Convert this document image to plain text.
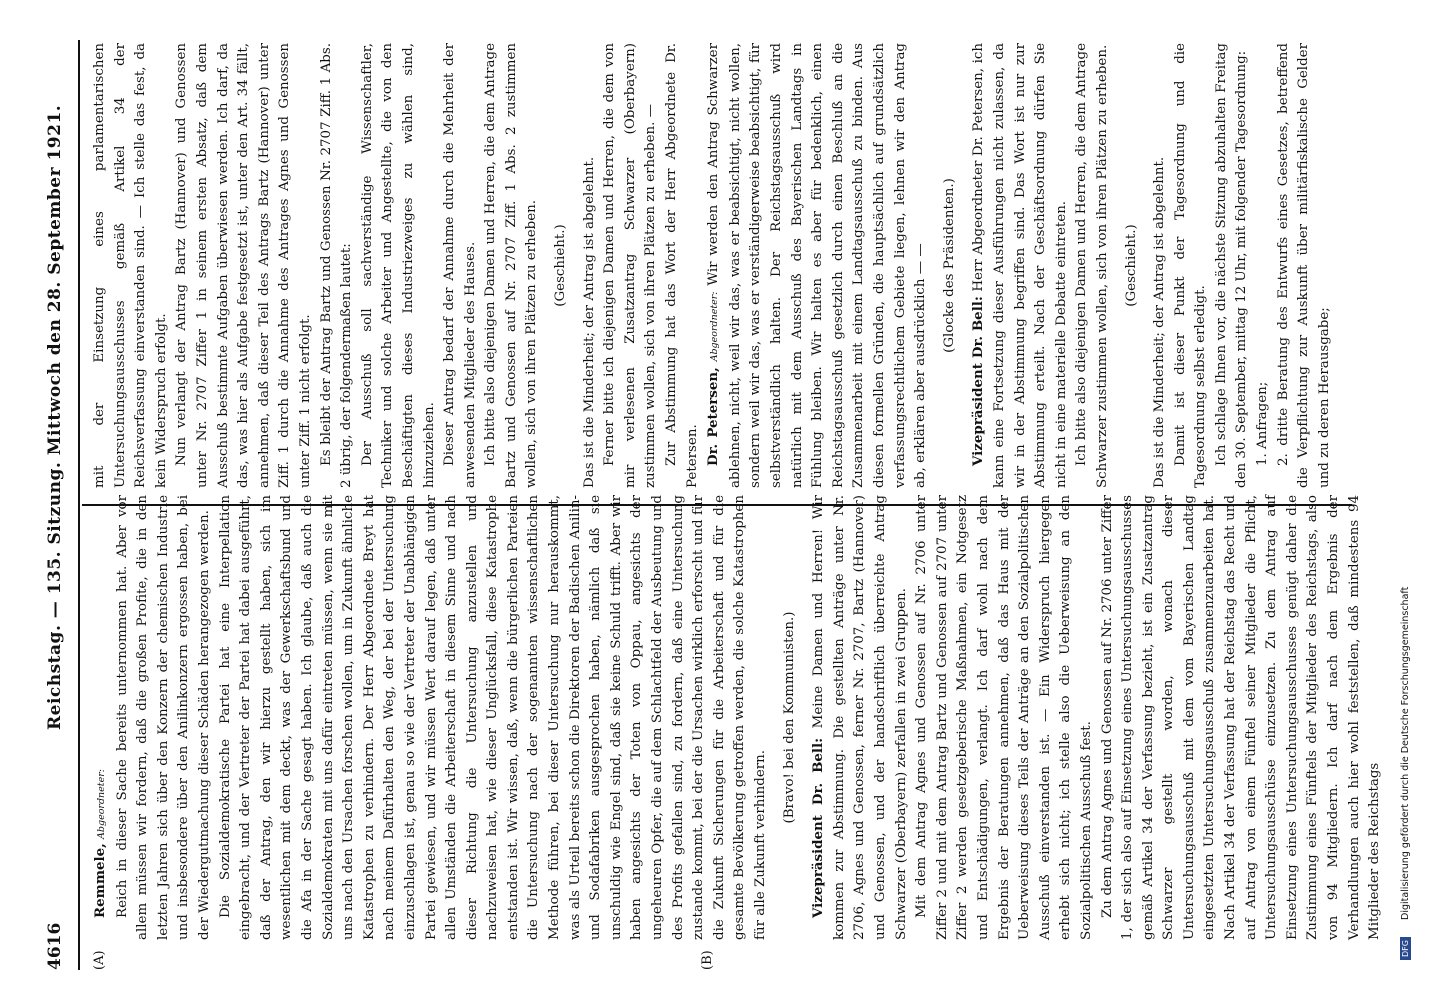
4616
Reichstag. — 135. Sitzung. Mittwoch den 28. September 1921.
(A)	(B)

Remmele, Abgeordneter: Reich in dieser Sache bereits unternommen hat. Aber vor allem müssen wir fordern, daß die großen Profite, die in den letzten Jahren sich über den Konzern der chemischen Industrie und insbesondere über den Anilinkonzern ergossen haben, bei der Wiedergutmachung dieser Schäden herangezogen werden. Die Sozialdemokratische Partei hat eine Interpellation eingebracht, und der Vertreter der Partei hat dabei ausgeführt, daß der Antrag, den wir hierzu gestellt haben, sich im wesentlichen mit dem deckt, was der Gewerkschaftsbund und die Afa in der Sache gesagt haben. Ich glaube, daß auch die Sozialdemokraten mit uns dafür eintreten müssen, wenn sie mit uns nach den Ursachen forschen wollen, um in Zukunft ähnliche Katastrophen zu verhindern. Der Herr Abgeordnete Breyt hat nach meinem Dafürhalten den Weg, der bei der Untersuchung einzuschlagen ist, genau so wie der Vertreter der Unabhängigen Partei gewiesen, und wir müssen Wert darauf legen, daß unter allen Umständen die Arbeiterschaft in diesem Sinne und nach dieser Richtung die Untersuchung anzustellen und nachzuweisen hat, wie dieser Unglücksfall, diese Katastrophe entstanden ist. Wir wissen, daß, wenn die bürgerlichen Parteien die Untersuchung nach der sogenannten wissenschaftlichen Methode führen, bei dieser Untersuchung nur herauskommt, was als Urteil bereits schon die Direktoren der Badischen Anilin- und Sodafabriken ausgesprochen haben, nämlich daß sie unschuldig wie Engel sind, daß sie keine Schuld trifft. Aber wir haben angesichts der Toten von Oppau, angesichts der ungeheuren Opfer, die auf dem Schlachtfeld der Ausbeutung und des Profits gefallen sind, zu fordern, daß eine Untersuchung zustande kommt, bei der die Ursachen wirklich erforscht und für die Zukunft Sicherungen für die Arbeiterschaft und für die gesamte Bevölkerung getroffen werden, die solche Katastrophen für alle Zukunft verhindern.

(Bravo! bei den Kommunisten.)

Vizepräsident Dr. Bell: Meine Damen und Herren! Wir kommen zur Abstimmung. Die gestellten Anträge unter Nr. 2706, Agnes und Genossen, ferner Nr. 2707, Bartz (Hannover) und Genossen, und der handschriftlich überreichte Antrag Schwarzer (Oberbayern) zerfallen in zwei Gruppen. Mit dem Antrag Agnes und Genossen auf Nr. 2706 unter Ziffer 2 und mit dem Antrag Bartz und Genossen auf 2707 unter Ziffer 2 werden gesetzgeberische Maßnahmen, ein Notgesetz und Entschädigungen, verlangt. Ich darf wohl nach dem Ergebnis der Beratungen annehmen, daß das Haus mit der Ueberweisung dieses Teils der Anträge an den Sozialpolitischen Ausschuß einverstanden ist. — Ein Widerspruch hiergegen erhebt sich nicht; ich stelle also die Ueberweisung an den Sozialpolitischen Ausschuß fest. Zu dem Antrag Agnes und Genossen auf Nr. 2706 unter Ziffer 1, der sich also auf Einsetzung eines Untersuchungsausschusses gemäß Artikel 34 der Verfassung bezieht, ist ein Zusatzantrag Schwarzer gestellt worden, wonach dieser Untersuchungsausschuß mit dem vom Bayerischen Landtag eingesetzten Untersuchungsausschuß zusammenzuarbeiten hat. Nach Artikel 34 der Verfassung hat der Reichstag das Recht und auf Antrag von einem Fünftel seiner Mitglieder die Pflicht, Untersuchungsausschüsse einzusetzen. Zu dem Antrag auf Einsetzung eines Untersuchungsausschusses genügt daher die Zustimmung eines Fünftels der Mitglieder des Reichstags, also von 94 Mitgliedern. Ich darf nach dem Ergebnis der Verhandlungen auch hier wohl feststellen, daß mindestens 94 Mitglieder des Reichstags

mit der Einsetzung eines parlamentarischen Untersuchungsausschusses gemäß Artikel 34 der Reichsverfassung einverstanden sind. — Ich stelle das fest, da kein Widerspruch erfolgt. Nun verlangt der Antrag Bartz (Hannover) und Genossen unter Nr. 2707 Ziffer 1 in seinem ersten Absatz, daß dem Ausschuß bestimmte Aufgaben überwiesen werden. Ich darf, da das, was hier als Aufgabe festgesetzt ist, unter den Art. 34 fällt, annehmen, daß dieser Teil des Antrags Bartz (Hannover) unter Ziff. 1 durch die Annahme des Antrages Agnes und Genossen unter Ziff. 1 nicht erfolgt. Es bleibt der Antrag Bartz und Genossen Nr. 2707 Ziff. 1 Abs. 2 übrig, der folgendermaßen lautet: Der Ausschuß soll sachverständige Wissenschaftler, Techniker und solche Arbeiter und Angestellte, die von den Beschäftigten dieses Industriezweiges zu wählen sind, hinzuziehen. Dieser Antrag bedarf der Annahme durch die Mehrheit der anwesenden Mitglieder des Hauses. Ich bitte also diejenigen Damen und Herren, die dem Antrage Bartz und Genossen auf Nr. 2707 Ziff. 1 Abs. 2 zustimmen wollen, sich von ihren Plätzen zu erheben. (Geschieht.) Das ist die Minderheit; der Antrag ist abgelehnt. Ferner bitte ich diejenigen Damen und Herren, die dem von mir verlesenen Zusatzantrag Schwarzer (Oberbayern) zustimmen wollen, sich von ihren Plätzen zu erheben. — Zur Abstimmung hat das Wort der Herr Abgeordnete Dr. Petersen. Dr. Petersen, Abgeordneter: Wir werden den Antrag Schwarzer ablehnen, nicht, weil wir das, was er beabsichtigt, nicht wollen, sondern weil wir das, was er verständigerweise beabsichtigt, für selbstverständlich halten. Der Reichstagsausschuß wird natürlich mit dem Ausschuß des Bayerischen Landtags in Fühlung bleiben. Wir halten es aber für bedenklich, einen Reichstagsausschuß gesetzlich durch einen Beschluß an die Zusammenarbeit mit einem Landtagsausschuß zu binden. Aus diesen formellen Gründen, die hauptsächlich auf grundsätzlich verfassungsrechtlichem Gebiete liegen, lehnen wir den Antrag ab, erklären aber ausdrücklich — — (Glocke des Präsidenten.)

Vizepräsident Dr. Bell: Herr Abgeordneter Dr. Petersen, ich kann eine Fortsetzung dieser Ausführungen nicht zulassen, da wir in der Abstimmung begriffen sind. Das Wort ist nur zur Abstimmung erteilt. Nach der Geschäftsordnung dürfen Sie nicht in eine materielle Debatte eintreten. Ich bitte also diejenigen Damen und Herren, die dem Antrage Schwarzer zustimmen wollen, sich von ihren Plätzen zu erheben. (Geschieht.) Das ist die Minderheit; der Antrag ist abgelehnt. Damit ist dieser Punkt der Tagesordnung und die Tagesordnung selbst erledigt. Ich schlage Ihnen vor, die nächste Sitzung abzuhalten Freitag den 30. September, mittag 12 Uhr, mit folgender Tagesordnung: 1. Anfragen; 2. dritte Beratung des Entwurfs eines Gesetzes, betreffend die Verpflichtung zur Auskunft über militärfiskalische Gelder und zu deren Herausgabe;

DFG
Digitalisierung gefördert durch die Deutsche Forschungsgemeinschaft
